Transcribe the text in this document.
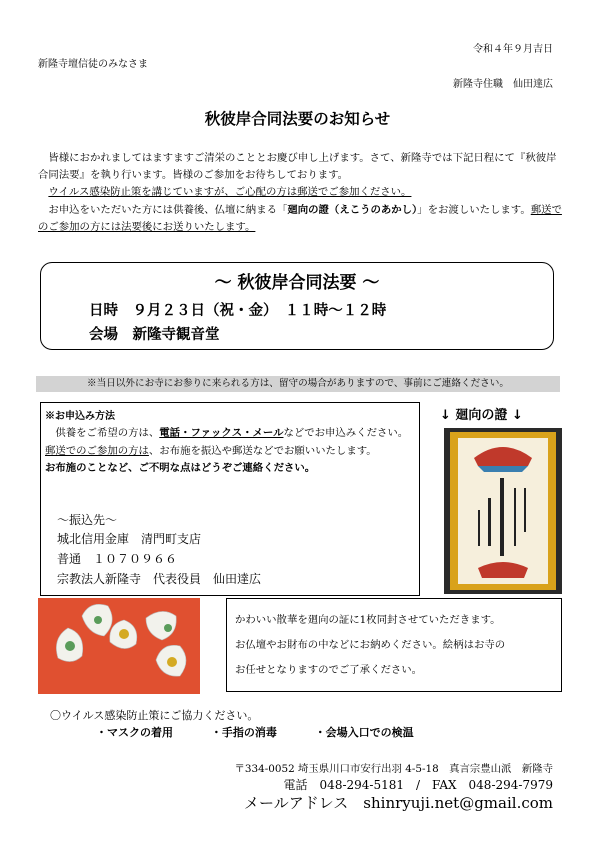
令和４年９月吉日
新隆寺壇信徒のみなさま
新隆寺住職　仙田達広
秋彼岸合同法要のお知らせ

皆様におかれましてはますますご清栄のこととお慶び申し上げます。さて、新隆寺では下記日程にて『秋彼岸合同法要』を執り行います。皆様のご参加をお待ちしております。

ウイルス感染防止策を講じていますが、ご心配の方は郵送でご参加ください。

お申込をいただいた方には供養後、仏壇に納まる「廻向の證（えこうのあかし）」をお渡しいたします。郵送でのご参加の方には法要後にお送りいたします。

～ 秋彼岸合同法要 ～
日時　９月２３日（祝・金）　１１時～１２時
会場　新隆寺観音堂
※当日以外にお寺にお参りに来られる方は、留守の場合がありますので、事前にご連絡ください。
※お申込み方法

供養をご希望の方は、電話・ファックス・メールなどでお申込みください。

郵送でのご参加の方は、お布施を振込や郵送などでお願いいたします。

お布施のことなど、ご不明な点はどうぞご連絡ください。

～振込先～
城北信用金庫　清門町支店
普通　１０７０９６６
宗教法人新隆寺　代表役員　仙田達広
↓ 廻向の證 ↓

かわいい散華を廻向の証に1枚同封させていただきます。

お仏壇やお財布の中などにお納めください。絵柄はお寺の

お任せとなりますのでご了承ください。

〇ウイルス感染防止策にご協力ください。
・マスクの着用	・手指の消毒	・会場入口での検温
〒334-0052 埼玉県川口市安行出羽 4-5-18　真言宗豊山派　新隆寺
電話　048-294-5181　/　FAX　048-294-7979
メールアドレス　shinryuji.net@gmail.com
